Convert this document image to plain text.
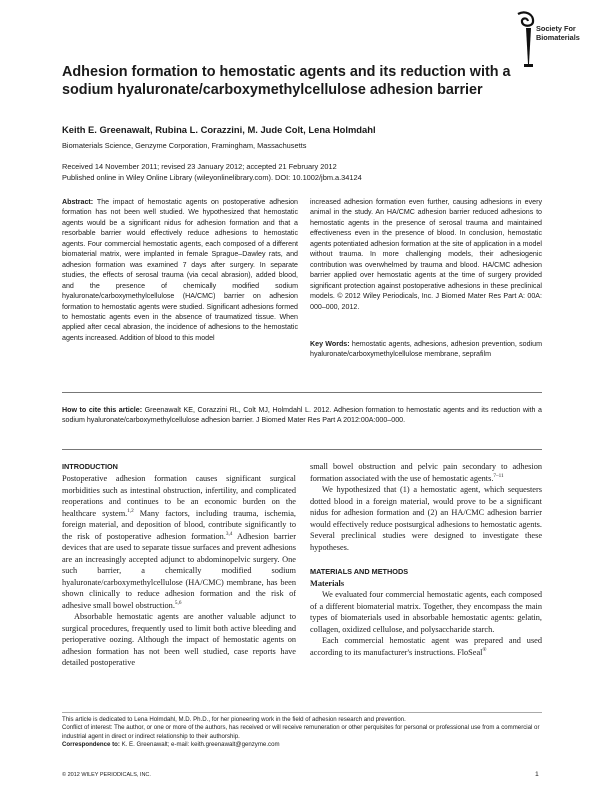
Society For
Biomaterials
Adhesion formation to hemostatic agents and its reduction with a sodium hyaluronate/carboxymethylcellulose adhesion barrier
Keith E. Greenawalt, Rubina L. Corazzini, M. Jude Colt, Lena Holmdahl
Biomaterials Science, Genzyme Corporation, Framingham, Massachusetts
Received 14 November 2011; revised 23 January 2012; accepted 21 February 2012
Published online in Wiley Online Library (wileyonlinelibrary.com). DOI: 10.1002/jbm.a.34124
Abstract: The impact of hemostatic agents on postoperative adhesion formation has not been well studied. We hypothesized that hemostatic agents would be a significant nidus for adhesion formation and that a resorbable barrier would effectively reduce adhesions to hemostatic agents. Four commercial hemostatic agents, each composed of a different biomaterial matrix, were implanted in female Sprague–Dawley rats, and adhesion formation was examined 7 days after surgery. In separate studies, the effects of serosal trauma (via cecal abrasion), added blood, and the presence of chemically modified sodium hyaluronate/carboxymethylcellulose (HA/CMC) barrier on adhesion formation to hemostatic agents were studied. Significant adhesions formed to hemostatic agents even in the absence of traumatized tissue. When applied after cecal abrasion, the incidence of adhesions to the hemostatic agents increased. Addition of blood to this model
increased adhesion formation even further, causing adhesions in every animal in the study. An HA/CMC adhesion barrier reduced adhesions to hemostatic agents in the presence of serosal trauma and maintained effectiveness even in the presence of blood. In conclusion, hemostatic agents potentiated adhesion formation at the site of application in a model without trauma. In more challenging models, their adhesiogenic contribution was overwhelmed by trauma and blood. HA/CMC adhesion barrier applied over hemostatic agents at the time of surgery provided significant protection against postoperative adhesions in these preclinical models. © 2012 Wiley Periodicals, Inc. J Biomed Mater Res Part A: 00A: 000–000, 2012.
Key Words: hemostatic agents, adhesions, adhesion prevention, sodium hyaluronate/carboxymethylcellulose membrane, seprafilm
How to cite this article: Greenawalt KE, Corazzini RL, Colt MJ, Holmdahl L. 2012. Adhesion formation to hemostatic agents and its reduction with a sodium hyaluronate/carboxymethylcellulose adhesion barrier. J Biomed Mater Res Part A 2012:00A:000–000.
INTRODUCTION

Postoperative adhesion formation causes significant surgical morbidities such as intestinal obstruction, infertility, and complicated reoperations and continues to be an economic burden on the healthcare system.$^{1,2}$ Many factors, including trauma, ischemia, foreign material, and deposition of blood, contribute significantly to the risk of postoperative adhesion formation.$^{3,4}$ Adhesion barrier devices that are used to separate tissue surfaces and prevent adhesions are an increasingly accepted adjunct to abdominopelvic surgery. One such barrier, a chemically modified sodium hyaluronate/carboxymethylcellulose (HA/CMC) membrane, has been shown clinically to reduce adhesion formation and the risk of adhesive small bowel obstruction.$^{5,6}$

Absorbable hemostatic agents are another valuable adjunct to surgical procedures, frequently used to limit both active bleeding and perioperative oozing. Although the impact of hemostatic agents on adhesion formation has not been well studied, case reports have detailed postoperative

small bowel obstruction and pelvic pain secondary to adhesion formation associated with the use of hemostatic agents.$^{7-11}$

We hypothesized that (1) a hemostatic agent, which sequesters dotted blood in a foreign material, would prove to be a significant nidus for adhesion formation and (2) an HA/CMC adhesion barrier would effectively reduce postsurgical adhesions to hemostatic agents. Several preclinical studies were designed to investigate these hypotheses.

MATERIALS AND METHODS
Materials

We evaluated four commercial hemostatic agents, each composed of a different biomaterial matrix. Together, they encompass the main types of biomaterials used in absorbable hemostatic agents: gelatin, collagen, oxidized cellulose, and polysaccharide starch.

Each commercial hemostatic agent was prepared and used according to its manufacturer's instructions. FloSeal®

This article is dedicated to Lena Holmdahl, M.D. Ph.D., for her pioneering work in the field of adhesion research and prevention.
Conflict of interest: The author, or one or more of the authors, has received or will receive remuneration or other perquisites for personal or professional use from a commercial or industrial agent in direct or indirect relationship to their authorship.
Correspondence to: K. E. Greenawalt; e-mail: keith.greenawalt@genzyme.com
© 2012 WILEY PERIODICALS, INC.	1
